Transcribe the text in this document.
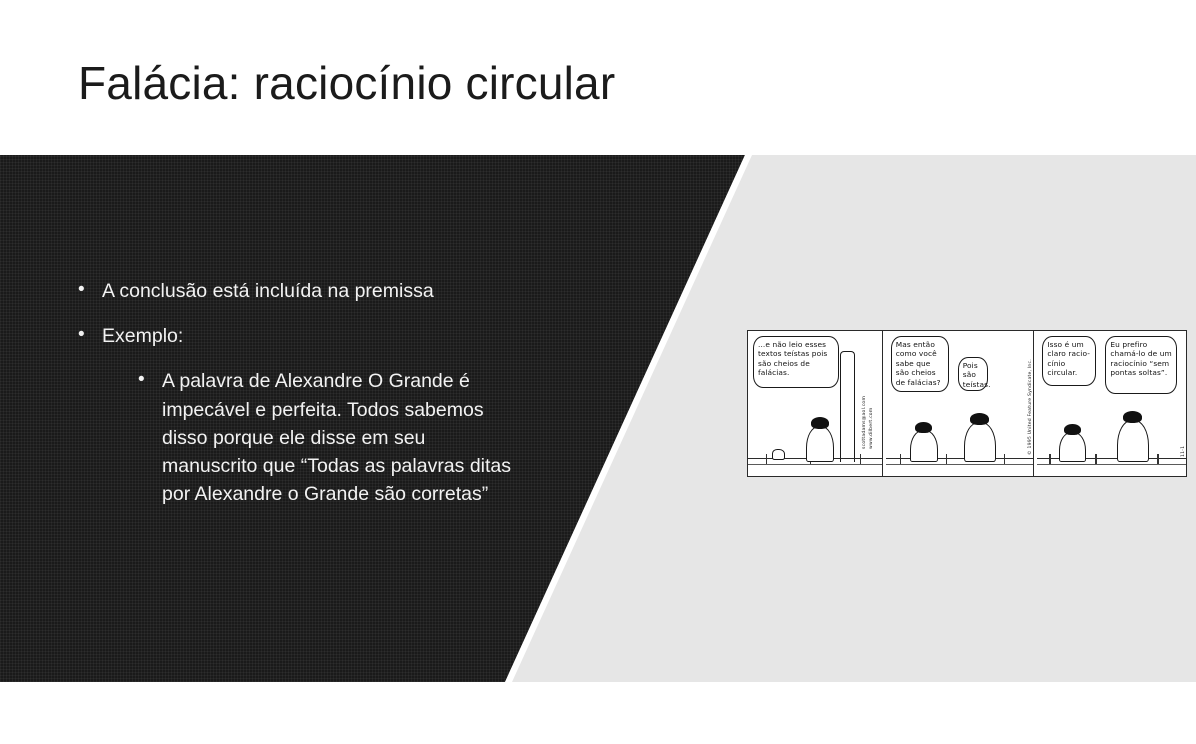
Falácia: raciocínio circular
• A conclusão está incluída na premissa
• Exemplo:
• A palavra de Alexandre O Grande é impecável e perfeita. Todos sabemos disso porque ele disse em seu manuscrito que “Todas as palavras ditas por Alexandre o Grande são corretas”
...e não leio esses textos teístas pois são cheios de falácias.
www.dilbert.com
scottadams@aol.com
Mas então como você sabe que são cheios de falácias?
Pois são teístas.	© 1995 United Feature Syndicate, Inc.
Isso é um claro racio-cínio circular.
Eu prefiro chamá-lo de um raciocínio “sem pontas soltas”.
11-1
